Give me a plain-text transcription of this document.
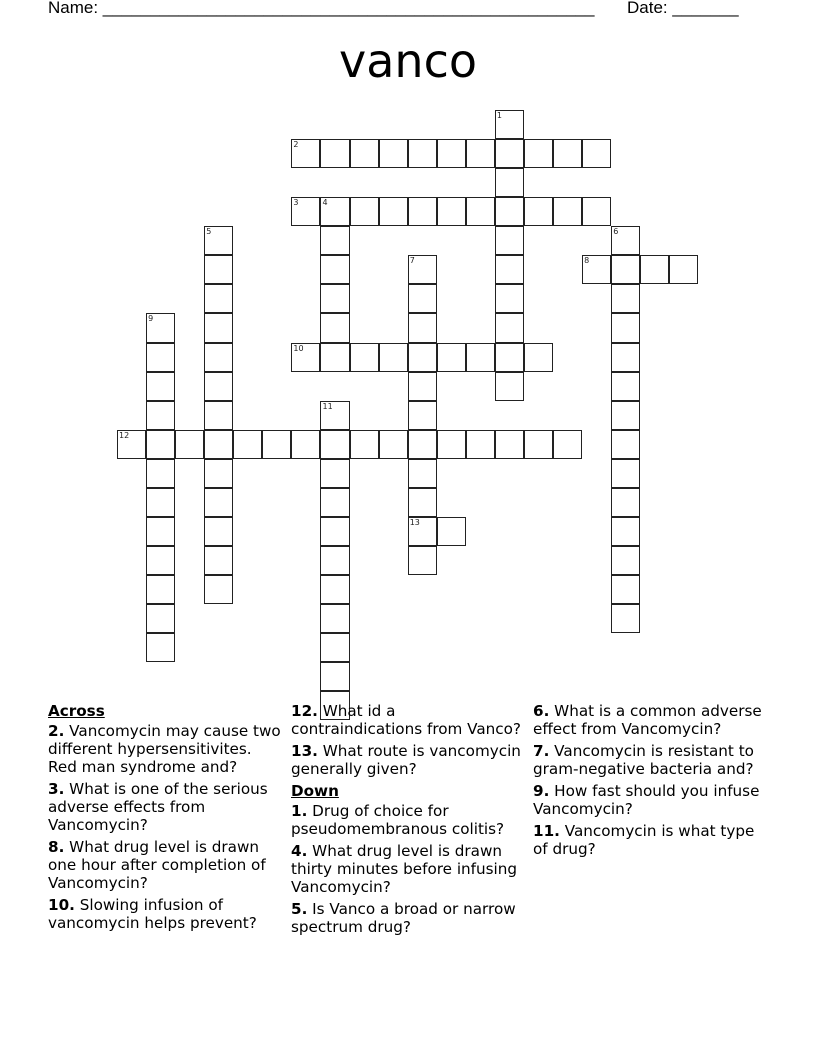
Name: ____________________________________________________ Date: _______
vanco
1
2
3	4
5	6
7
13
8
9
10
11
12
Across
2. Vancomycin may cause two different hypersensitivites. Red man syndrome and?
3. What is one of the serious adverse effects from Vancomycin?
8. What drug level is drawn one hour after completion of Vancomycin?
10. Slowing infusion of vancomycin helps prevent?
12. What id a contraindications from Vanco?
13. What route is vancomycin generally given?
Down
1. Drug of choice for pseudomembranous colitis?
4. What drug level is drawn thirty minutes before infusing Vancomycin?
5. Is Vanco a broad or narrow spectrum drug?
6. What is a common adverse effect from Vancomycin?
7. Vancomycin is resistant to gram-negative bacteria and?
9. How fast should you infuse Vancomycin?
11. Vancomycin is what type of drug?
